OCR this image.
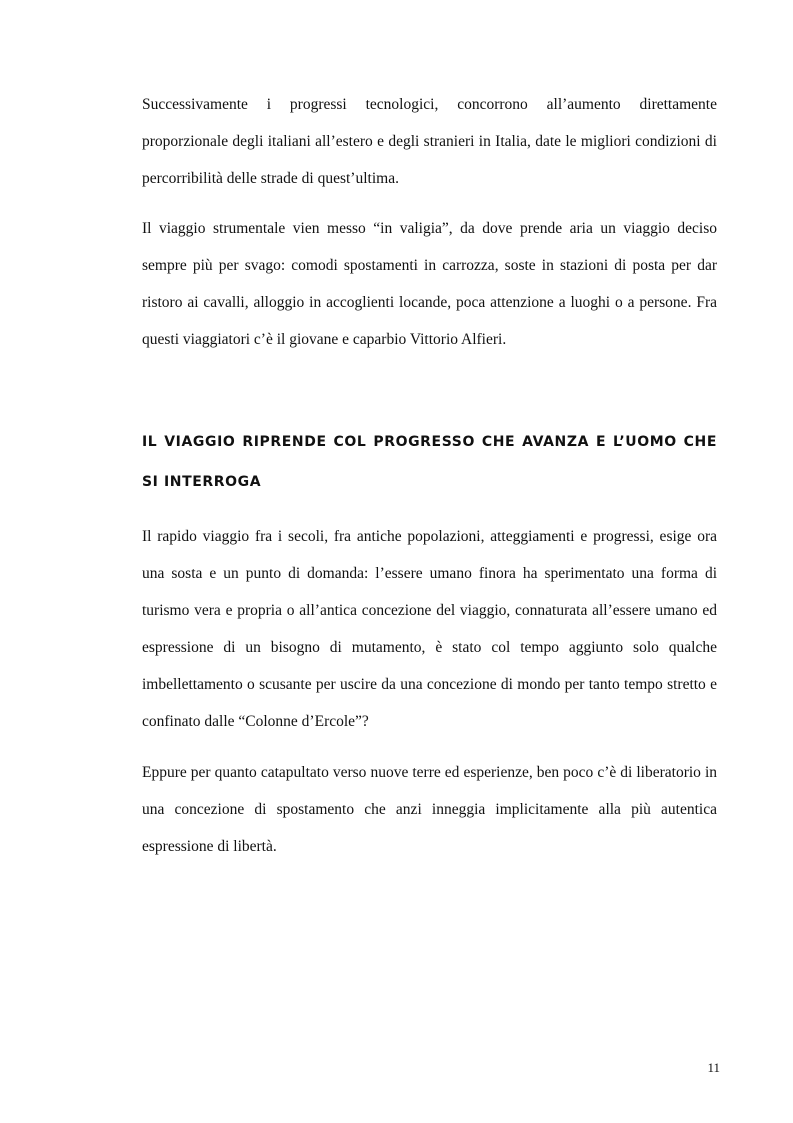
Successivamente i progressi tecnologici, concorrono all’aumento direttamente proporzionale degli italiani all’estero e degli stranieri in Italia, date le migliori condizioni di percorribilità delle strade di quest’ultima.

Il viaggio strumentale vien messo “in valigia”, da dove prende aria un viaggio deciso sempre più per svago: comodi spostamenti in carrozza, soste in stazioni di posta per dar ristoro ai cavalli, alloggio in accoglienti locande, poca attenzione a luoghi o a persone. Fra questi viaggiatori c’è il giovane e caparbio Vittorio Alfieri.

IL VIAGGIO RIPRENDE COL PROGRESSO CHE AVANZA E L’UOMO CHE SI INTERROGA

Il rapido viaggio fra i secoli, fra antiche popolazioni, atteggiamenti e progressi, esige ora una sosta e un punto di domanda: l’essere umano finora ha sperimentato una forma di turismo vera e propria o all’antica concezione del viaggio, connaturata all’essere umano ed espressione di un bisogno di mutamento, è stato col tempo aggiunto solo qualche imbellettamento o scusante per uscire da una concezione di mondo per tanto tempo stretto e confinato dalle “Colonne d’Ercole”?

Eppure per quanto catapultato verso nuove terre ed esperienze, ben poco c’è di liberatorio in una concezione di spostamento che anzi inneggia implicitamente alla più autentica espressione di libertà.

11
